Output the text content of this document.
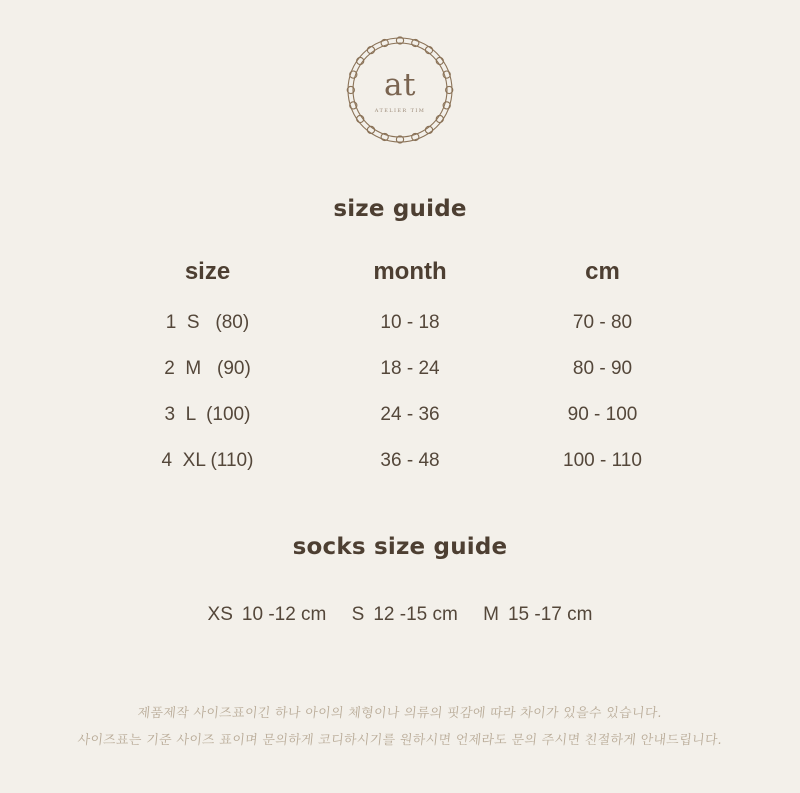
at
ATELIER TIM
size guide
size	month	cm
1  S   (80)	10 - 18	70 - 80
2  M   (90)	18 - 24	80 - 90
3  L  (100)	24 - 36	90 - 100
4  XL (110)	36 - 48	100 - 110
socks size guide
XS 10 -12 cm S 12 -15 cm M 15 -17 cm
제품제작 사이즈표이긴 하나 아이의 체형이나 의류의 핏감에 따라 차이가 있을수 있습니다.
사이즈표는 기준 사이즈 표이며 문의하게 코디하시기를 원하시면 언제라도 문의 주시면 친절하게 안내드립니다.
